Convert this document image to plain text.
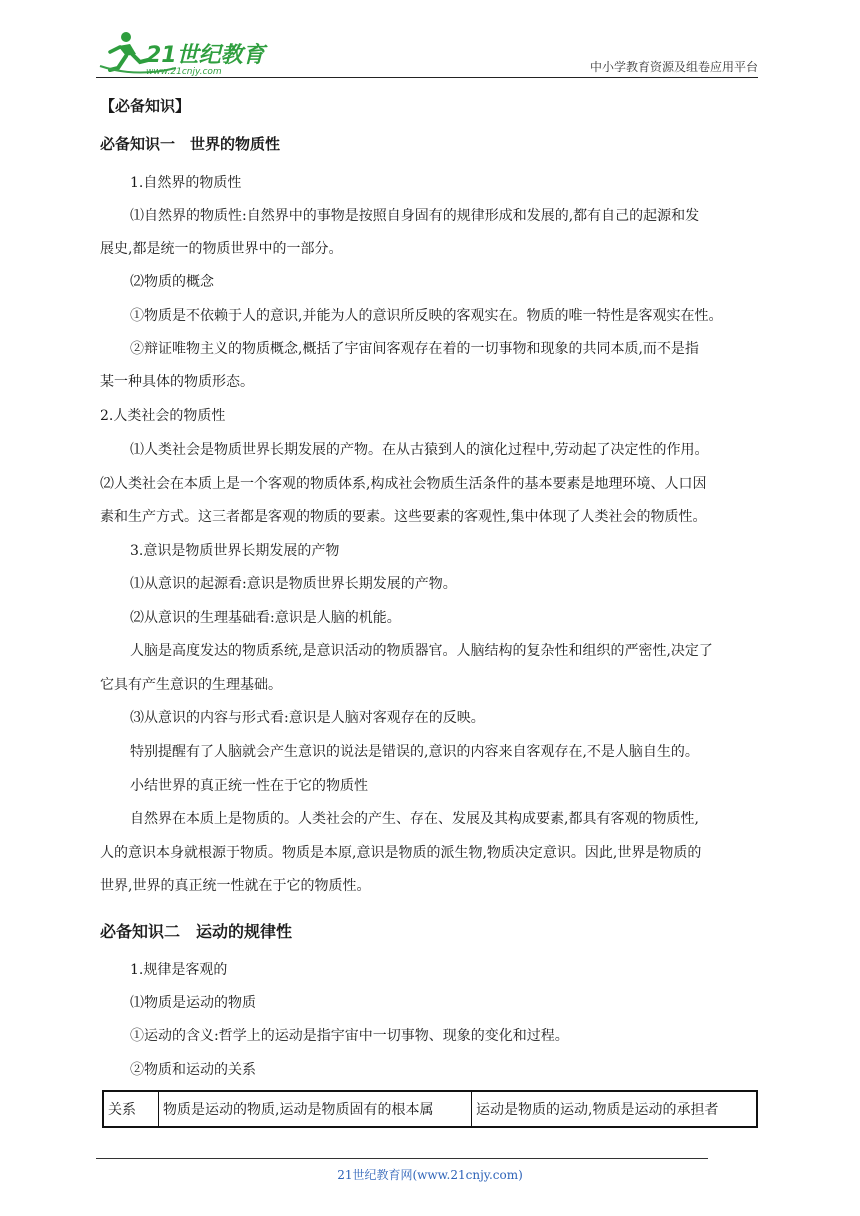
21世纪教育
www.21cnjy.com	中小学教育资源及组卷应用平台
【必备知识】
必备知识一　世界的物质性
1.自然界的物质性
⑴自然界的物质性:自然界中的事物是按照自身固有的规律形成和发展的,都有自己的起源和发
展史,都是统一的物质世界中的一部分。
⑵物质的概念
①物质是不依赖于人的意识,并能为人的意识所反映的客观实在。物质的唯一特性是客观实在性。
②辩证唯物主义的物质概念,概括了宇宙间客观存在着的一切事物和现象的共同本质,而不是指
某一种具体的物质形态。
2.人类社会的物质性
⑴人类社会是物质世界长期发展的产物。在从古猿到人的演化过程中,劳动起了决定性的作用。
⑵人类社会在本质上是一个客观的物质体系,构成社会物质生活条件的基本要素是地理环境、人口因
素和生产方式。这三者都是客观的物质的要素。这些要素的客观性,集中体现了人类社会的物质性。
3.意识是物质世界长期发展的产物
⑴从意识的起源看:意识是物质世界长期发展的产物。
⑵从意识的生理基础看:意识是人脑的机能。
人脑是高度发达的物质系统,是意识活动的物质器官。人脑结构的复杂性和组织的严密性,决定了
它具有产生意识的生理基础。
⑶从意识的内容与形式看:意识是人脑对客观存在的反映。
特别提醒有了人脑就会产生意识的说法是错误的,意识的内容来自客观存在,不是人脑自生的。
小结世界的真正统一性在于它的物质性
自然界在本质上是物质的。人类社会的产生、存在、发展及其构成要素,都具有客观的物质性,
人的意识本身就根源于物质。物质是本原,意识是物质的派生物,物质决定意识。因此,世界是物质的
世界,世界的真正统一性就在于它的物质性。
必备知识二　运动的规律性
1.规律是客观的
⑴物质是运动的物质
①运动的含义:哲学上的运动是指宇宙中一切事物、现象的变化和过程。
②物质和运动的关系
关系	物质是运动的物质,运动是物质固有的根本属	运动是物质的运动,物质是运动的承担者
21世纪教育网(www.21cnjy.com)
